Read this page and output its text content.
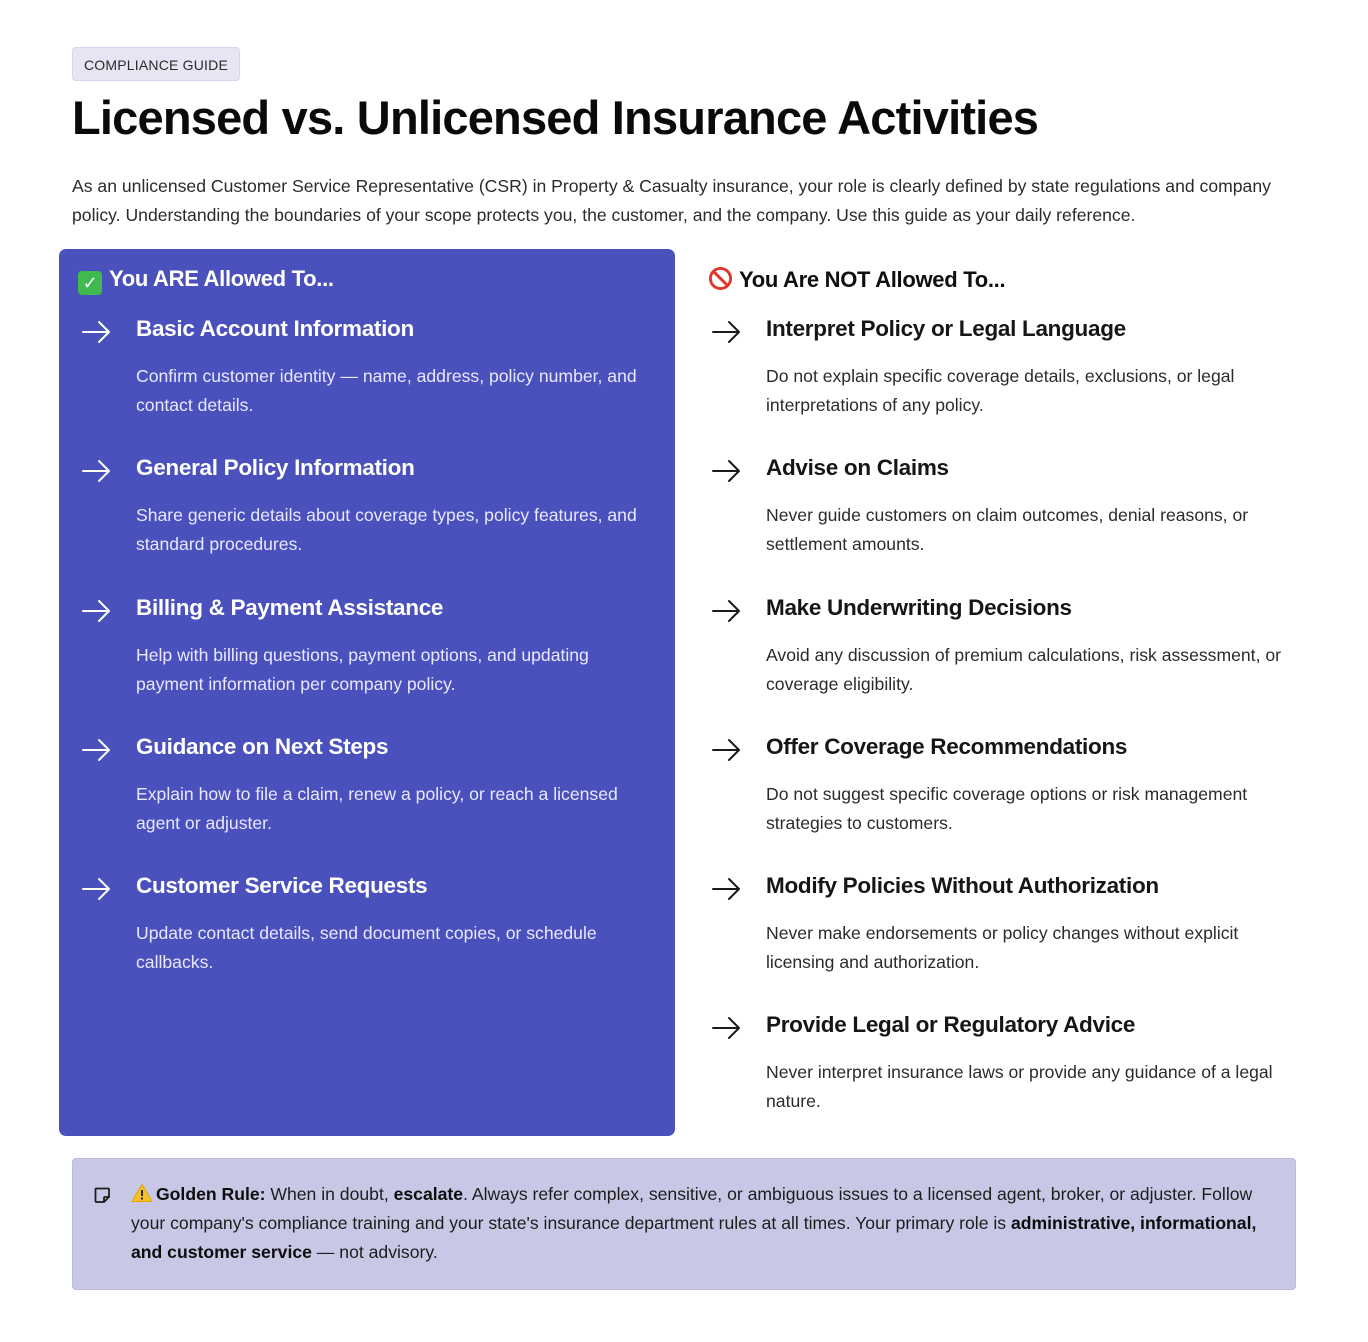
COMPLIANCE GUIDE
Licensed vs. Unlicensed Insurance Activities

As an unlicensed Customer Service Representative (CSR) in Property & Casualty insurance, your role is clearly defined by state regulations and company policy. Understanding the boundaries of your scope protects you, the customer, and the company. Use this guide as your daily reference.

✓ You ARE Allowed To...
Basic Account Information
Confirm customer identity — name, address, policy number, and contact details.
General Policy Information
Share generic details about coverage types, policy features, and standard procedures.
Billing & Payment Assistance
Help with billing questions, payment options, and updating payment information per company policy.
Guidance on Next Steps
Explain how to file a claim, renew a policy, or reach a licensed agent or adjuster.
Customer Service Requests
Update contact details, send document copies, or schedule callbacks.
You Are NOT Allowed To...
Interpret Policy or Legal Language
Do not explain specific coverage details, exclusions, or legal interpretations of any policy.
Advise on Claims
Never guide customers on claim outcomes, denial reasons, or settlement amounts.
Make Underwriting Decisions
Avoid any discussion of premium calculations, risk assessment, or coverage eligibility.
Offer Coverage Recommendations
Do not suggest specific coverage options or risk management strategies to customers.
Modify Policies Without Authorization
Never make endorsements or policy changes without explicit licensing and authorization.
Provide Legal or Regulatory Advice
Never interpret insurance laws or provide any guidance of a legal nature.

Golden Rule: When in doubt, escalate. Always refer complex, sensitive, or ambiguous issues to a licensed agent, broker, or adjuster. Follow your company's compliance training and your state's insurance department rules at all times. Your primary role is administrative, informational, and customer service — not advisory.
